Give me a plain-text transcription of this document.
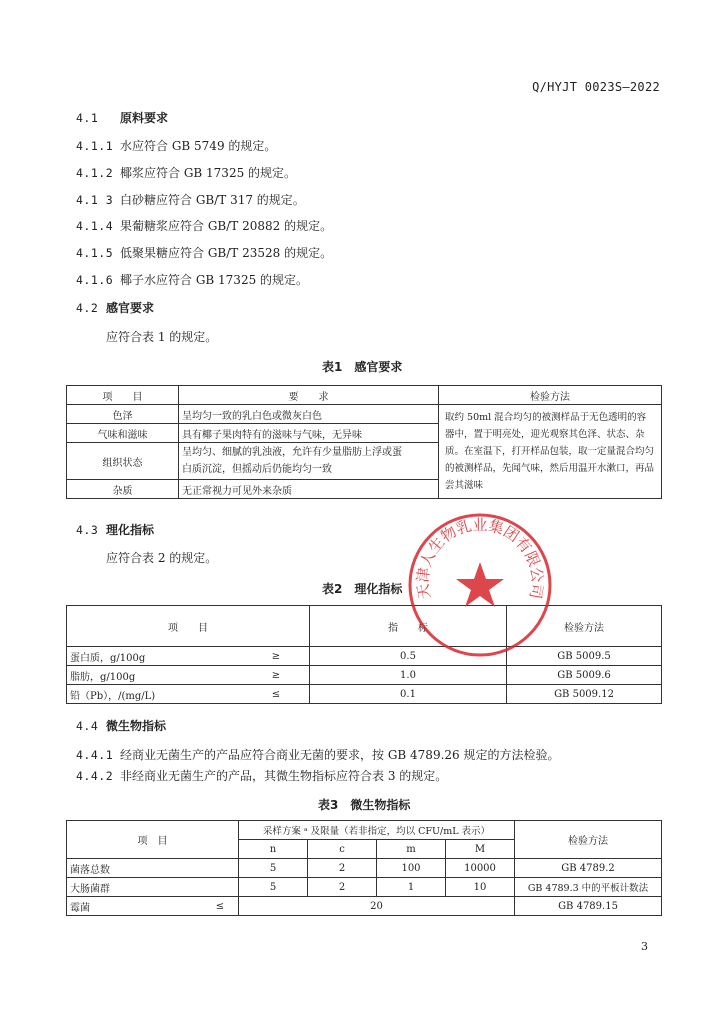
Q/HYJT 0023S—2022
4.1 原料要求
4.1.1 水应符合 GB 5749 的规定。
4.1.2 椰浆应符合 GB 17325 的规定。
4.1 3 白砂糖应符合 GB/T 317 的规定。
4.1.4 果葡糖浆应符合 GB/T 20882 的规定。
4.1.5 低聚果糖应符合 GB/T 23528 的规定。
4.1.6 椰子水应符合 GB 17325 的规定。
4.2 感官要求
应符合表 1 的规定。
表1　感官要求
项　　目	要　　求	检验方法
色泽	呈均匀一致的乳白色或微灰白色	取约 50ml 混合均匀的被测样品于无色透明的容器中，置于明亮处，迎光观察其色泽、状态、杂质。在室温下，打开样品包装，取一定量混合均匀的被测样品，先闻气味，然后用温开水漱口，再品尝其滋味
气味和滋味	具有椰子果肉特有的滋味与气味，无异味	
组织状态	呈均匀、细腻的乳浊液，允许有少量脂肪上浮或蛋
白质沉淀，但摇动后仍能均匀一致	
杂质	无正常视力可见外来杂质	
4.3 理化指标
应符合表 2 的规定。
表2　理化指标
项　　目		指　　标	检验方法
蛋白质，g/100g	≥	0.5	GB 5009.5
脂肪，g/100g	≥	1.0	GB 5009.6
铅（Pb），/(mg/L)	≤	0.1	GB 5009.12
4.4 微生物指标
4.4.1 经商业无菌生产的产品应符合商业无菌的要求，按 GB 4789.26 规定的方法检验。
4.4.2 非经商业无菌生产的产品，其微生物指标应符合表 3 的规定。
表3　微生物指标
项　目		采样方案 ᵃ 及限量（若非指定，均以 CFU/mL 表示）				检验方法
		n	c	m	M	
菌落总数		5	2	100	10000	GB 4789.2
大肠菌群		5	2	1	10	GB 4789.3 中的平板计数法
霉菌	≤	20				GB 4789.15
天津人生物乳业集团有限公司
3
